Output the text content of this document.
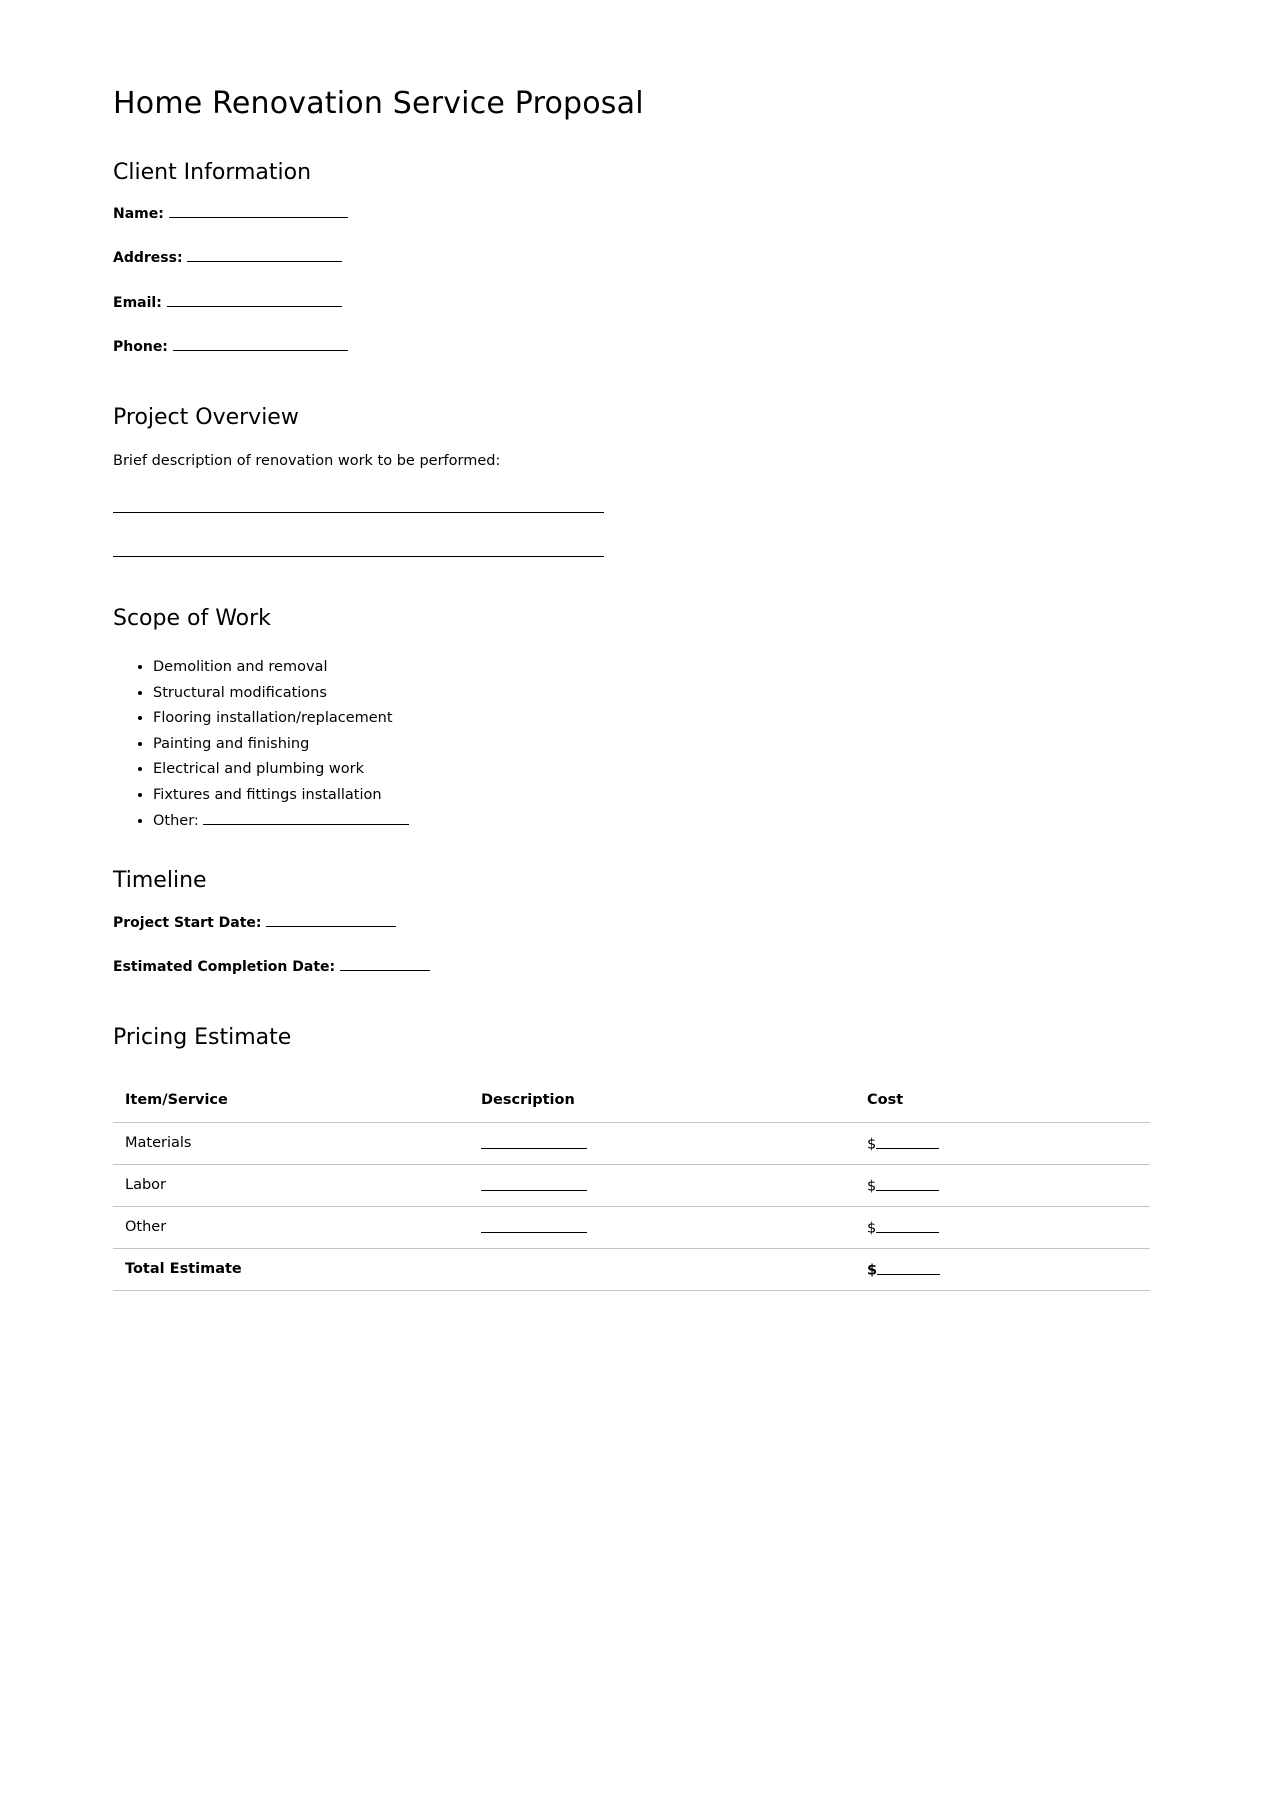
Home Renovation Service Proposal
Client Information

Name:

Address:

Email:

Phone:

Project Overview

Brief description of renovation work to be performed:

Scope of Work
• Demolition and removal
• Structural modifications
• Flooring installation/replacement
• Painting and finishing
• Electrical and plumbing work
• Fixtures and fittings installation
• Other:
Timeline

Project Start Date:

Estimated Completion Date:

Pricing Estimate
Item/Service	Description	Cost
Materials		$
Labor		$
Other		$
Total Estimate		$
